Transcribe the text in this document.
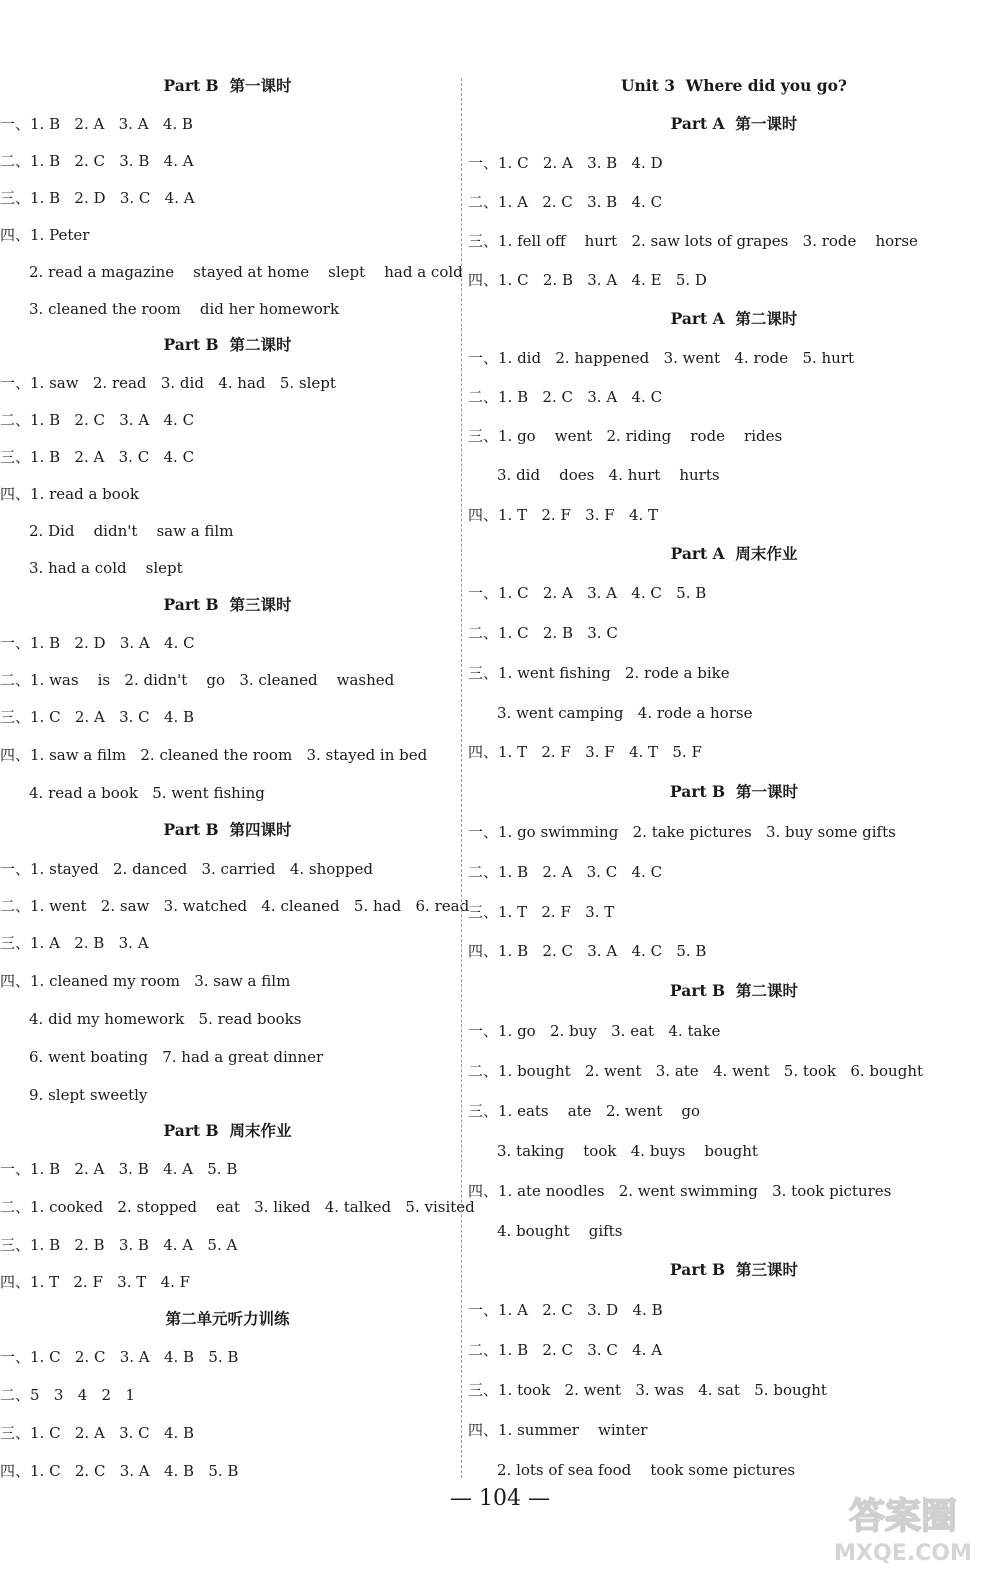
Part B  第一课时
一、1. B   2. A   3. A   4. B
二、1. B   2. C   3. B   4. A
三、1. B   2. D   3. C   4. A
四、1. Peter
2. read a magazine    stayed at home    slept    had a cold
3. cleaned the room    did her homework
Part B  第二课时
一、1. saw   2. read   3. did   4. had   5. slept
二、1. B   2. C   3. A   4. C
三、1. B   2. A   3. C   4. C
四、1. read a book
2. Did    didn't    saw a film
3. had a cold    slept
Part B  第三课时
一、1. B   2. D   3. A   4. C
二、1. was    is   2. didn't    go   3. cleaned    washed
三、1. C   2. A   3. C   4. B
四、1. saw a film   2. cleaned the room   3. stayed in bed
4. read a book   5. went fishing
Part B  第四课时
一、1. stayed   2. danced   3. carried   4. shopped
二、1. went   2. saw   3. watched   4. cleaned   5. had   6. read
三、1. A   2. B   3. A
四、1. cleaned my room   3. saw a film
4. did my homework   5. read books
6. went boating   7. had a great dinner
9. slept sweetly
Part B  周末作业
一、1. B   2. A   3. B   4. A   5. B
二、1. cooked   2. stopped    eat   3. liked   4. talked   5. visited
三、1. B   2. B   3. B   4. A   5. A
四、1. T   2. F   3. T   4. F
第二单元听力训练
一、1. C   2. C   3. A   4. B   5. B
二、5   3   4   2   1
三、1. C   2. A   3. C   4. B
四、1. C   2. C   3. A   4. B   5. B
Unit 3  Where did you go?
Part A  第一课时
一、1. C   2. A   3. B   4. D
二、1. A   2. C   3. B   4. C
三、1. fell off    hurt   2. saw lots of grapes   3. rode    horse
四、1. C   2. B   3. A   4. E   5. D
Part A  第二课时
一、1. did   2. happened   3. went   4. rode   5. hurt
二、1. B   2. C   3. A   4. C
三、1. go    went   2. riding    rode    rides
3. did    does   4. hurt    hurts
四、1. T   2. F   3. F   4. T
Part A  周末作业
一、1. C   2. A   3. A   4. C   5. B
二、1. C   2. B   3. C
三、1. went fishing   2. rode a bike
3. went camping   4. rode a horse
四、1. T   2. F   3. F   4. T   5. F
Part B  第一课时
一、1. go swimming   2. take pictures   3. buy some gifts
二、1. B   2. A   3. C   4. C
三、1. T   2. F   3. T
四、1. B   2. C   3. A   4. C   5. B
Part B  第二课时
一、1. go   2. buy   3. eat   4. take
二、1. bought   2. went   3. ate   4. went   5. took   6. bought
三、1. eats    ate   2. went    go
3. taking    took   4. buys    bought
四、1. ate noodles   2. went swimming   3. took pictures
4. bought    gifts
Part B  第三课时
一、1. A   2. C   3. D   4. B
二、1. B   2. C   3. C   4. A
三、1. took   2. went   3. was   4. sat   5. bought
四、1. summer    winter
2. lots of sea food    took some pictures
— 104 —	答案圈
MXQE.COM
